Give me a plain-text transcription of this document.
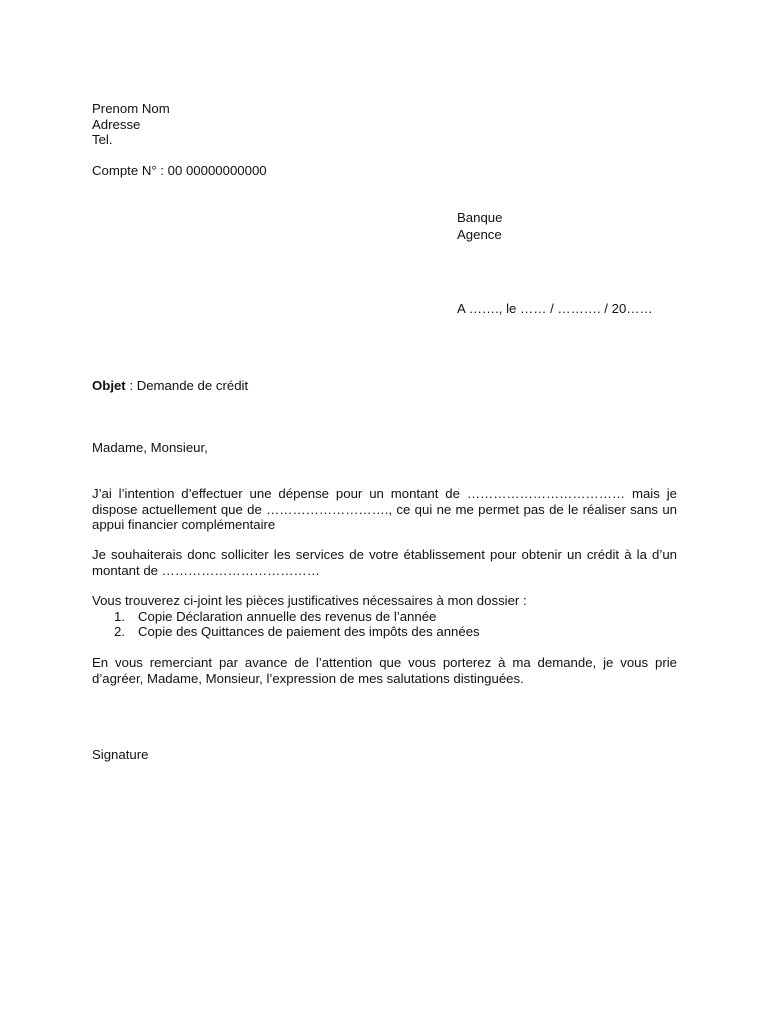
Prenom Nom
Adresse
Tel.
Compte N° : 00 00000000000
Banque
Agence
A ……., le …… / ………. / 20……
Objet : Demande de crédit
Madame, Monsieur,
J’ai l’intention d’effectuer une dépense pour un montant de ……………………………… mais je dispose actuellement que de ………………………., ce qui ne me permet pas de le réaliser sans un appui financier complémentaire
Je souhaiterais donc solliciter les services de votre établissement pour obtenir un crédit à la d’un montant de ………………………………
Vous trouverez ci-joint les pièces justificatives nécessaires à mon dossier :
1. Copie Déclaration annuelle des revenus de l’année
2. Copie des Quittances de paiement des impôts des années
En vous remerciant par avance de l’attention que vous porterez à ma demande, je vous prie d’agréer, Madame, Monsieur, l’expression de mes salutations distinguées.
Signature
